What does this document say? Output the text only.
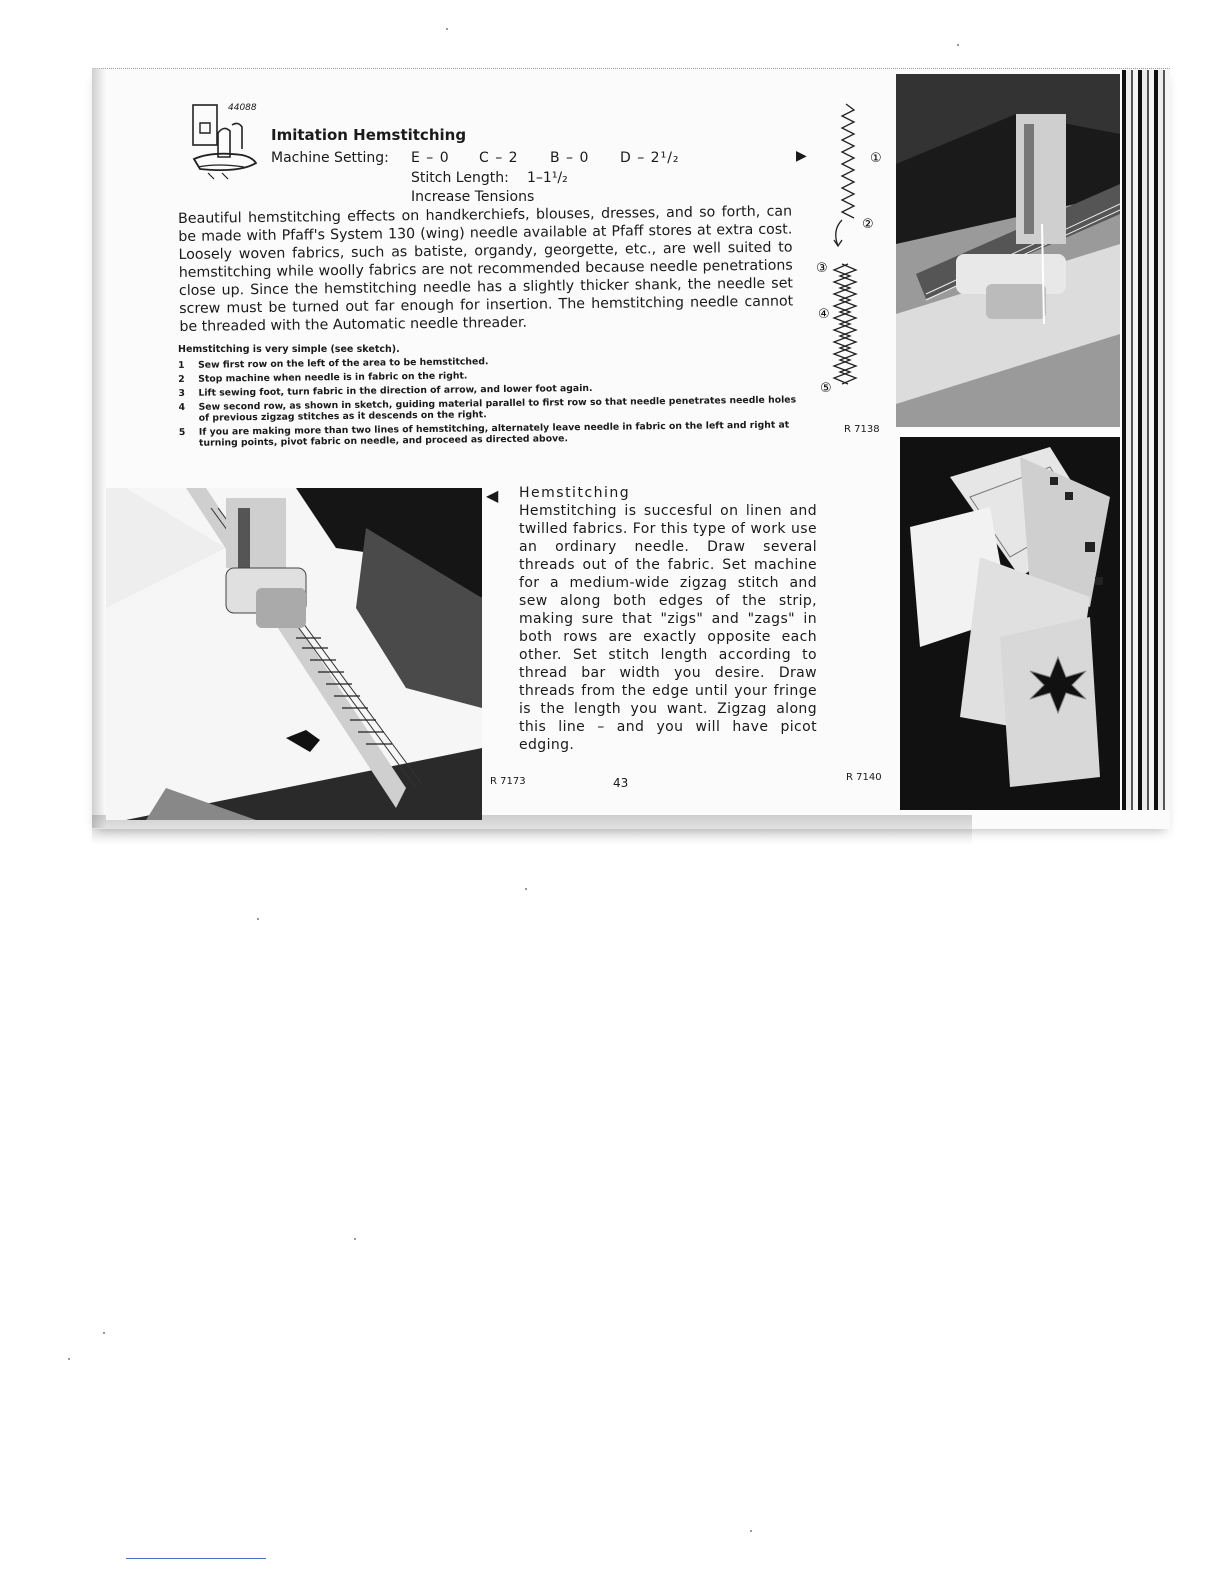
44088
Imitation Hemstitching
Machine Setting: E – 0 C – 2 B – 0 D – 2¹/₂
Stitch Length: 1–1¹/₂
Increase Tensions
▶

Beautiful hemstitching effects on handkerchiefs, blouses, dresses, and so forth, can be made with Pfaff's System 130 (wing) needle available at Pfaff stores at extra cost. Loosely woven fabrics, such as batiste, organdy, georgette, etc., are well suited to hemstitching while woolly fabrics are not recommended because needle penetrations close up. Since the hemstitching needle has a slightly thicker shank, the needle set screw must be turned out far enough for insertion. The hemstitching needle cannot be threaded with the Automatic needle threader.

Hemstitching is very simple (see sketch).
1	Sew first row on the left of the area to be hemstitched.
2	Stop machine when needle is in fabric on the right.
3	Lift sewing foot, turn fabric in the direction of arrow, and lower foot again.
4	Sew second row, as shown in sketch, guiding material parallel to first row so that needle penetrates needle holes of previous zigzag stitches as it descends on the right.
5	If you are making more than two lines of hemstitching, alternately leave needle in fabric on the left and right at turning points, pivot fabric on needle, and proceed as directed above.
①
②
③
④
⑤
R 7138
R 7140
R 7173
◀ Hemstitching

Hemstitching is succesful on linen and twilled fabrics. For this type of work use an ordinary needle. Draw several threads out of the fabric. Set machine for a medium-wide zigzag stitch and sew along both edges of the strip, making sure that "zigs" and "zags" in both rows are exactly opposite each other. Set stitch length according to thread bar width you desire. Draw threads from the edge until your fringe is the length you want. Zigzag along this line – and you will have picot edging.

43
